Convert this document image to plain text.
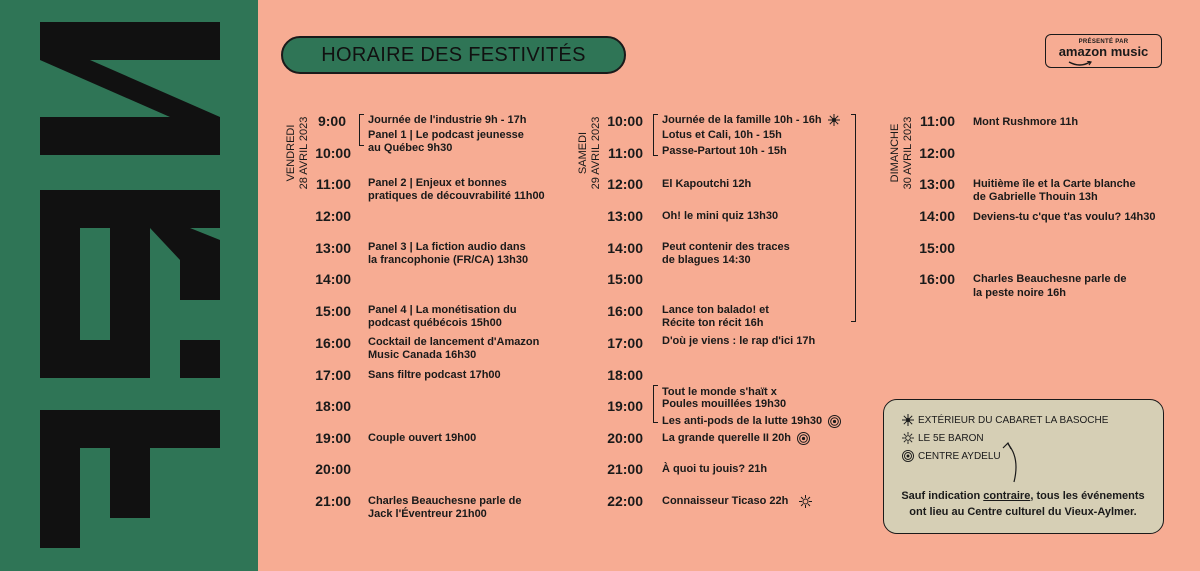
HORAIRE DES FESTIVITÉS
PRÉSENTÉ PAR
amazon music
VENDREDI 28 AVRIL 2023	SAMEDI 29 AVRIL 2023	DIMANCHE 30 AVRIL 2023
9:00
10:00
11:00
12:00
13:00
14:00
15:00
16:00
17:00
18:00
19:00
20:00
21:00
Journée de l'industrie 9h - 17h
Panel 1 | Le podcast jeunesse
au Québec 9h30
Panel 2 | Enjeux et bonnes
pratiques de découvrabilité 11h00
Panel 3 | La fiction audio dans
la francophonie (FR/CA) 13h30
Panel 4 | La monétisation du
podcast québécois 15h00
Cocktail de lancement d'Amazon
Music Canada 16h30
Sans filtre podcast 17h00
Couple ouvert 19h00
Charles Beauchesne parle de
Jack l'Éventreur 21h00
10:00
11:00
12:00
13:00
14:00
15:00
16:00
17:00
18:00
19:00
20:00
21:00
22:00
Journée de la famille 10h - 16h
Lotus et Cali, 10h - 15h
Passe-Partout 10h - 15h
El Kapoutchi 12h
Oh! le mini quiz 13h30
Peut contenir des traces
de blagues 14:30
Lance ton balado! et
Récite ton récit 16h
D'où je viens : le rap d'ici 17h
Tout le monde s'haït x
Poules mouillées 19h30
Les anti-pods de la lutte 19h30
La grande querelle II 20h
À quoi tu jouis? 21h
Connaisseur Ticaso 22h
11:00
12:00
13:00
14:00
15:00
16:00
Mont Rushmore 11h
Huitième île et la Carte blanche
de Gabrielle Thouin 13h
Deviens-tu c'que t'as voulu? 14h30
Charles Beauchesne parle de
la peste noire 16h
EXTÉRIEUR DU CABARET LA BASOCHE
LE 5E BARON
CENTRE AYDELU
Sauf indication contraire, tous les événements
ont lieu au Centre culturel du Vieux-Aylmer.
